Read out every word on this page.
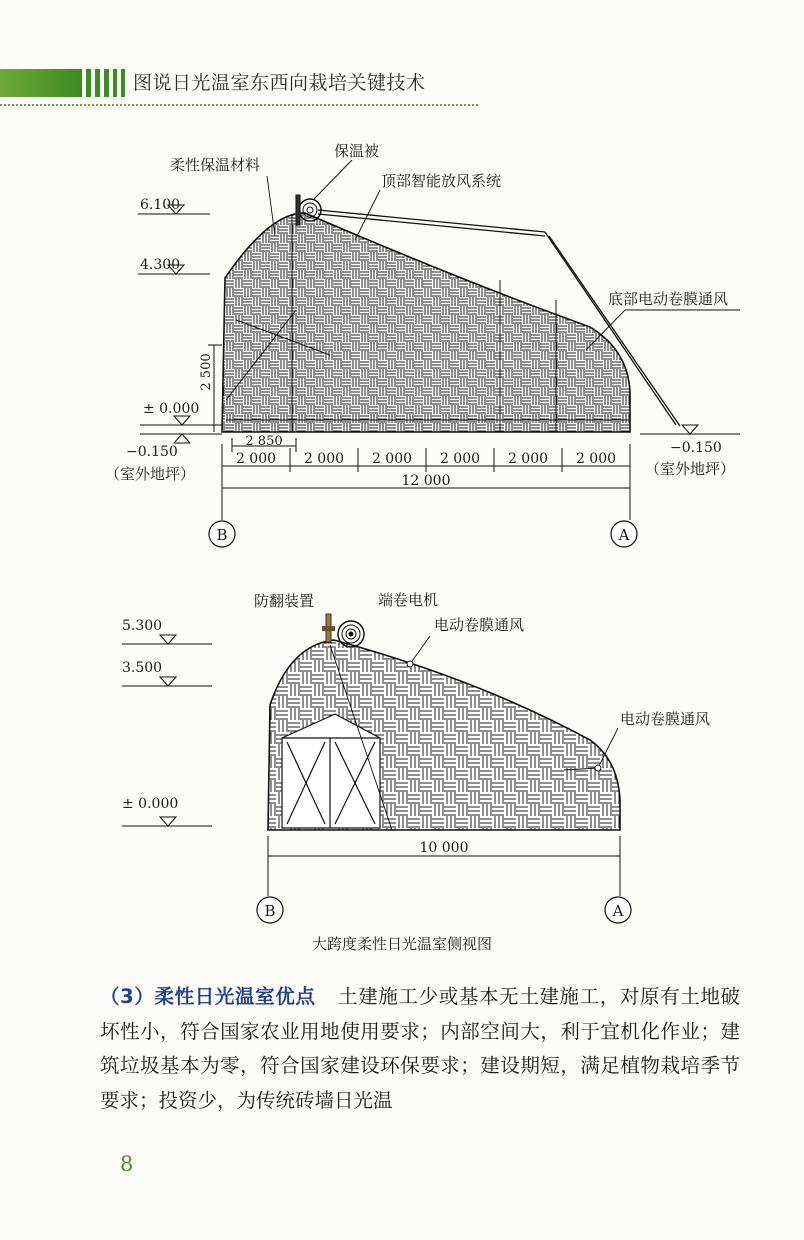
图说日光温室东西向栽培关键技术
保温被
柔性保温材料
顶部智能放风系统
底部电动卷膜通风
6.100
4.300
± 0.000
−0.150	−0.150
（室外地坪）	（室外地坪）
2 500
2 850
2 000 2 000 2 000 2 000 2 000 2 000
12 000
B	A
防翻装置	端卷电机
电动卷膜通风
电动卷膜通风
5.300
3.500
± 0.000
10 000
B	A
大跨度柔性日光温室侧视图
（3）柔性日光温室优点 土建施工少或基本无土建施工，对原有土地破坏性小，符合国家农业用地使用要求；内部空间大，利于宜机化作业；建筑垃圾基本为零，符合国家建设环保要求；建设期短，满足植物栽培季节要求；投资少，为传统砖墙日光温
8
